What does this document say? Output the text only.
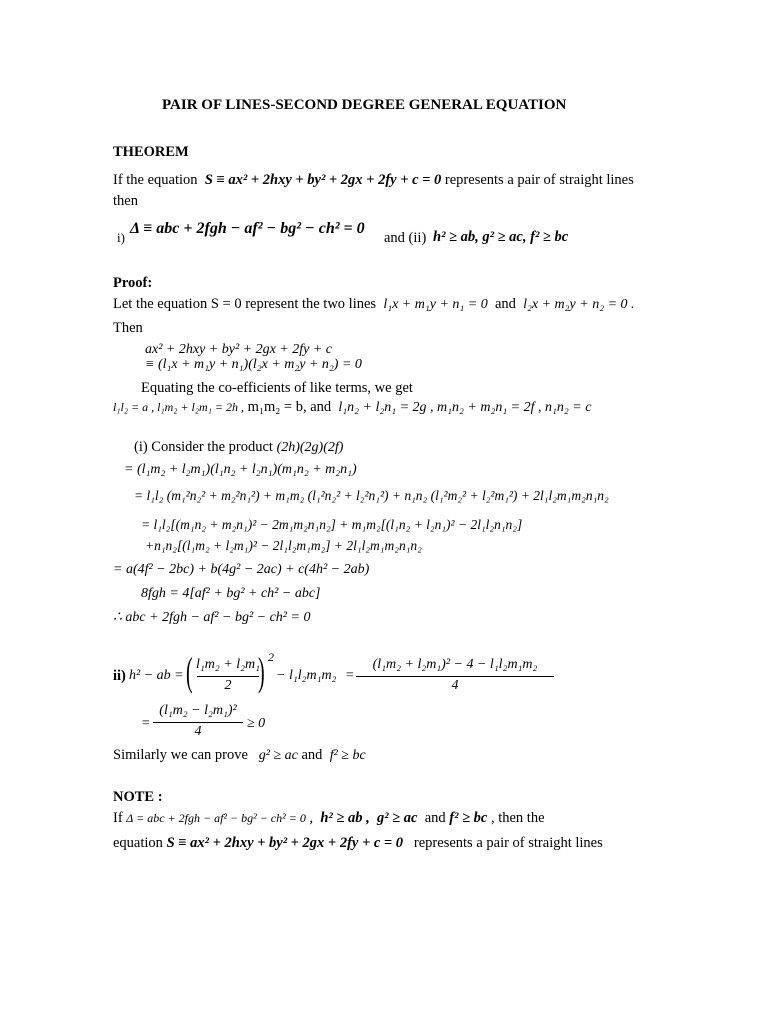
PAIR OF LINES-SECOND DEGREE GENERAL EQUATION
THEOREM
If the equation S ≡ ax² + 2hxy + by² + 2gx + 2fy + c = 0 represents a pair of straight lines
then
i)
Δ ≡ abc + 2fgh − af² − bg² − ch² = 0
and (ii) h² ≥ ab, g² ≥ ac, f² ≥ bc
Proof:
Let the equation S = 0 represent the two lines l₁x + m₁y + n₁ = 0 and l₂x + m₂y + n₂ = 0 .
Then
ax² + 2hxy + by² + 2gx + 2fy + c
≡ (l₁x + m₁y + n₁)(l₂x + m₂y + n₂) = 0
Equating the co-efficients of like terms, we get
l₁l₂ = a , l₁m₂ + l₂m₁ = 2h , m₁m₂ = b, and l₁n₂ + l₂n₁ = 2g , m₁n₂ + m₂n₁ = 2f , n₁n₂ = c
(i) Consider the product (2h)(2g)(2f)
= (l₁m₂ + l₂m₁)(l₁n₂ + l₂n₁)(m₁n₂ + m₂n₁)
= l₁l₂ (m₁²n₂² + m₂²n₁²) + m₁m₂ (l₁²n₂² + l₂²n₁²) + n₁n₂ (l₁²m₂² + l₂²m₁²) + 2l₁l₂m₁m₂n₁n₂
= l₁l₂[(m₁n₂ + m₂n₁)² − 2m₁m₂n₁n₂] + m₁m₂[(l₁n₂ + l₂n₁)² − 2l₁l₂n₁n₂]
+n₁n₂[(l₁m₂ + l₂m₁)² − 2l₁l₂m₁m₂] + 2l₁l₂m₁m₂n₁n₂
= a(4f² − 2bc) + b(4g² − 2ac) + c(4h² − 2ab)
8fgh = 4[af² + bg² + ch² − abc]
∴ abc + 2fgh − af² − bg² − ch² = 0
ii) h² − ab = ( l₁m₂ + l₂m₁
2 ) 2
− l₁l₂m₁m₂ =
(l₁m₂ + l₂m₁)² − 4 − l₁l₂m₁m₂
4
=
(l₁m₂ − l₂m₁)²
4
≥ 0
Similarly we can prove g² ≥ ac and f² ≥ bc
NOTE :
If Δ = abc + 2fgh − af² − bg² − ch² = 0 ,  h² ≥ ab , g² ≥ ac and f² ≥ bc , then the
equation S ≡ ax² + 2hxy + by² + 2gx + 2fy + c = 0 represents a pair of straight lines
